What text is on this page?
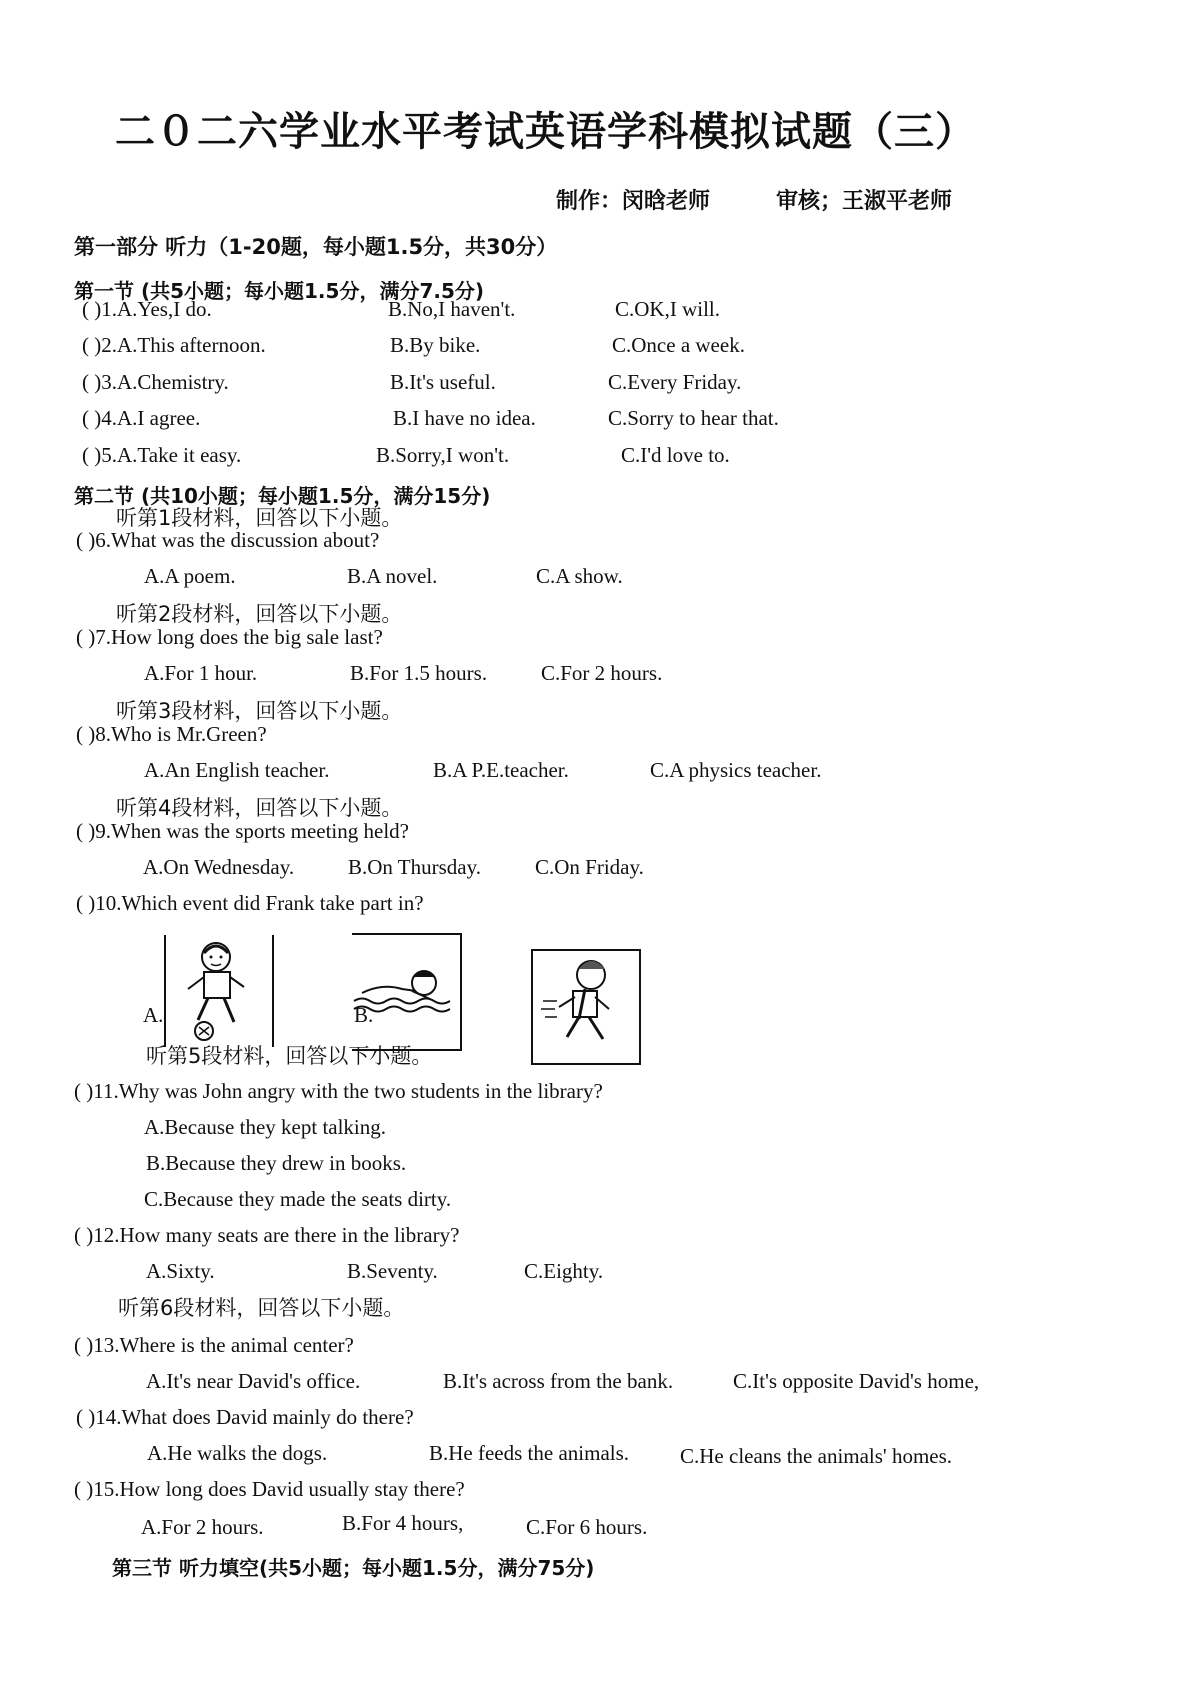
二０二六学业水平考试英语学科模拟试题（三）
制作：闵晗老师	审核；王淑平老师
第一部分 听力（1-20题，每小题1.5分，共30分）
第一节 (共5小题；每小题1.5分，满分7.5分)
( )1.A.Yes,I do.	B.No,I haven't.	C.OK,I will.
( )2.A.This afternoon.	B.By bike.	C.Once a week.
( )3.A.Chemistry.	B.It's useful.	C.Every Friday.
( )4.A.I agree.	B.I have no idea.	C.Sorry to hear that.
( )5.A.Take it easy.	B.Sorry,I won't.	C.I'd love to.
第二节 (共10小题；每小题1.5分，满分15分)
听第1段材料，回答以下小题。
( )6.What was the discussion about?
A.A poem.	B.A novel.	C.A show.
听第2段材料，回答以下小题。
( )7.How long does the big sale last?
A.For 1 hour.	B.For 1.5 hours.	C.For 2 hours.
听第3段材料，回答以下小题。
( )8.Who is Mr.Green?
A.An English teacher.	B.A P.E.teacher.	C.A physics teacher.
听第4段材料，回答以下小题。
( )9.When was the sports meeting held?
A.On Wednesday.	B.On Thursday.	C.On Friday.
( )10.Which event did Frank take part in?
A.	B.
听第5段材料，回答以下小题。
( )11.Why was John angry with the two students in the library?
A.Because they kept talking.
B.Because they drew in books.
C.Because they made the seats dirty.
( )12.How many seats are there in the library?
A.Sixty.	B.Seventy.	C.Eighty.
听第6段材料，回答以下小题。
( )13.Where is the animal center?
A.It's near David's office.	B.It's across from the bank.	C.It's opposite David's home,
( )14.What does David mainly do there?
A.He walks the dogs.	B.He feeds the animals. C.He cleans the animals' homes.
( )15.How long does David usually stay there?
A.For 2 hours.	B.For 4 hours,	C.For 6 hours.
第三节 听力填空(共5小题；每小题1.5分，满分75分)
